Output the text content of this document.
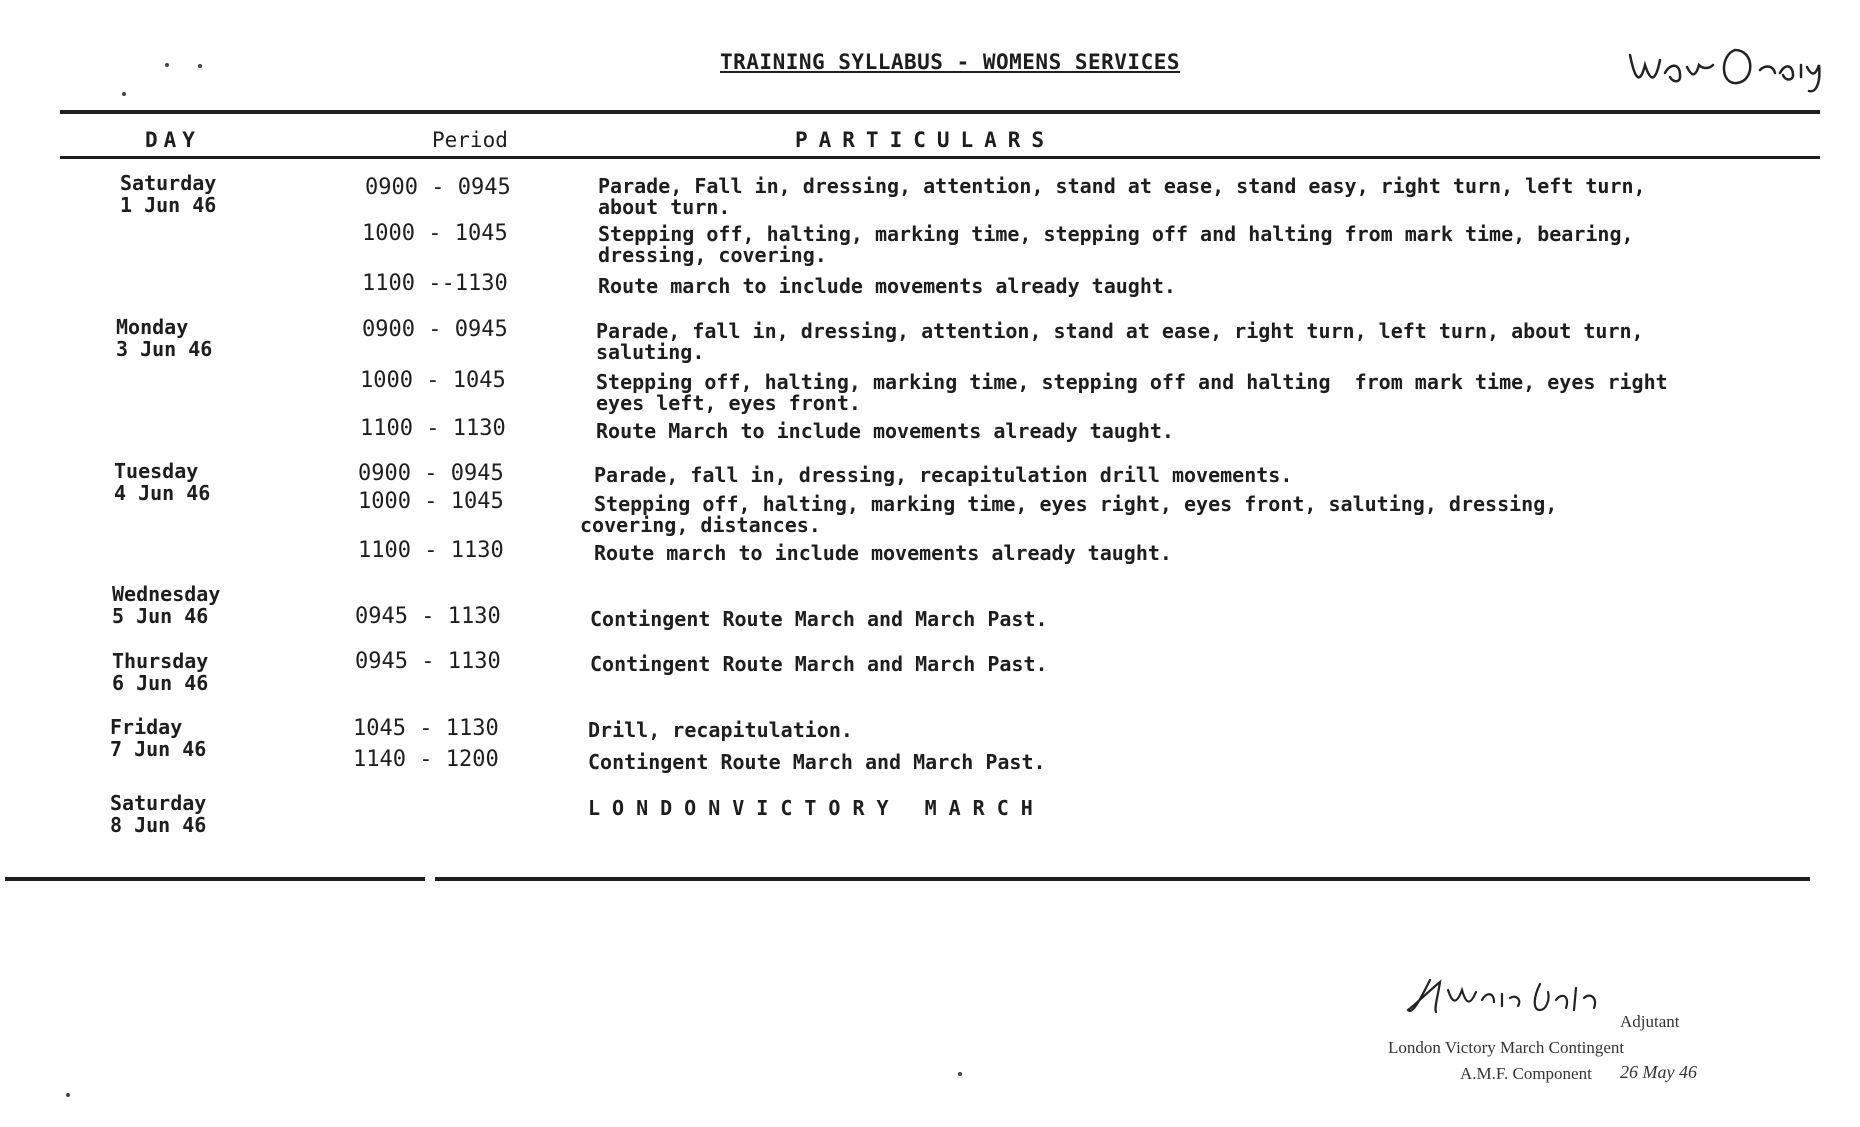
TRAINING SYLLABUS - WOMENS SERVICES
DAY	Period	PARTICULARS
Saturday
1 Jun 46
Monday
3 Jun 46
Tuesday
4 Jun 46
Wednesday
5 Jun 46
Thursday
6 Jun 46
Friday
7 Jun 46
Saturday
8 Jun 46
0900 - 0945
1000 - 1045
1100 --1130
0900 - 0945
1000 - 1045
1100 - 1130
0900 - 0945
1000 - 1045
1100 - 1130
0945 - 1130
0945 - 1130
1045 - 1130
1140 - 1200
Parade, Fall in, dressing, attention, stand at ease, stand easy, right turn, left turn,
about turn.
Stepping off, halting, marking time, stepping off and halting from mark time, bearing,
dressing, covering.
Route march to include movements already taught.
Parade, fall in, dressing, attention, stand at ease, right turn, left turn, about turn,
saluting.
Stepping off, halting, marking time, stepping off and halting  from mark time, eyes right
eyes left, eyes front.
Route March to include movements already taught.
Parade, fall in, dressing, recapitulation drill movements.
Stepping off, halting, marking time, eyes right, eyes front, saluting, dressing,
covering, distances.
Route march to include movements already taught.
Contingent Route March and March Past.
Contingent Route March and March Past.
Drill, recapitulation.
Contingent Route March and March Past.
LONDONVICTORY MARCH
Adjutant
London Victory March Contingent
A.M.F. Component 26 May 46
